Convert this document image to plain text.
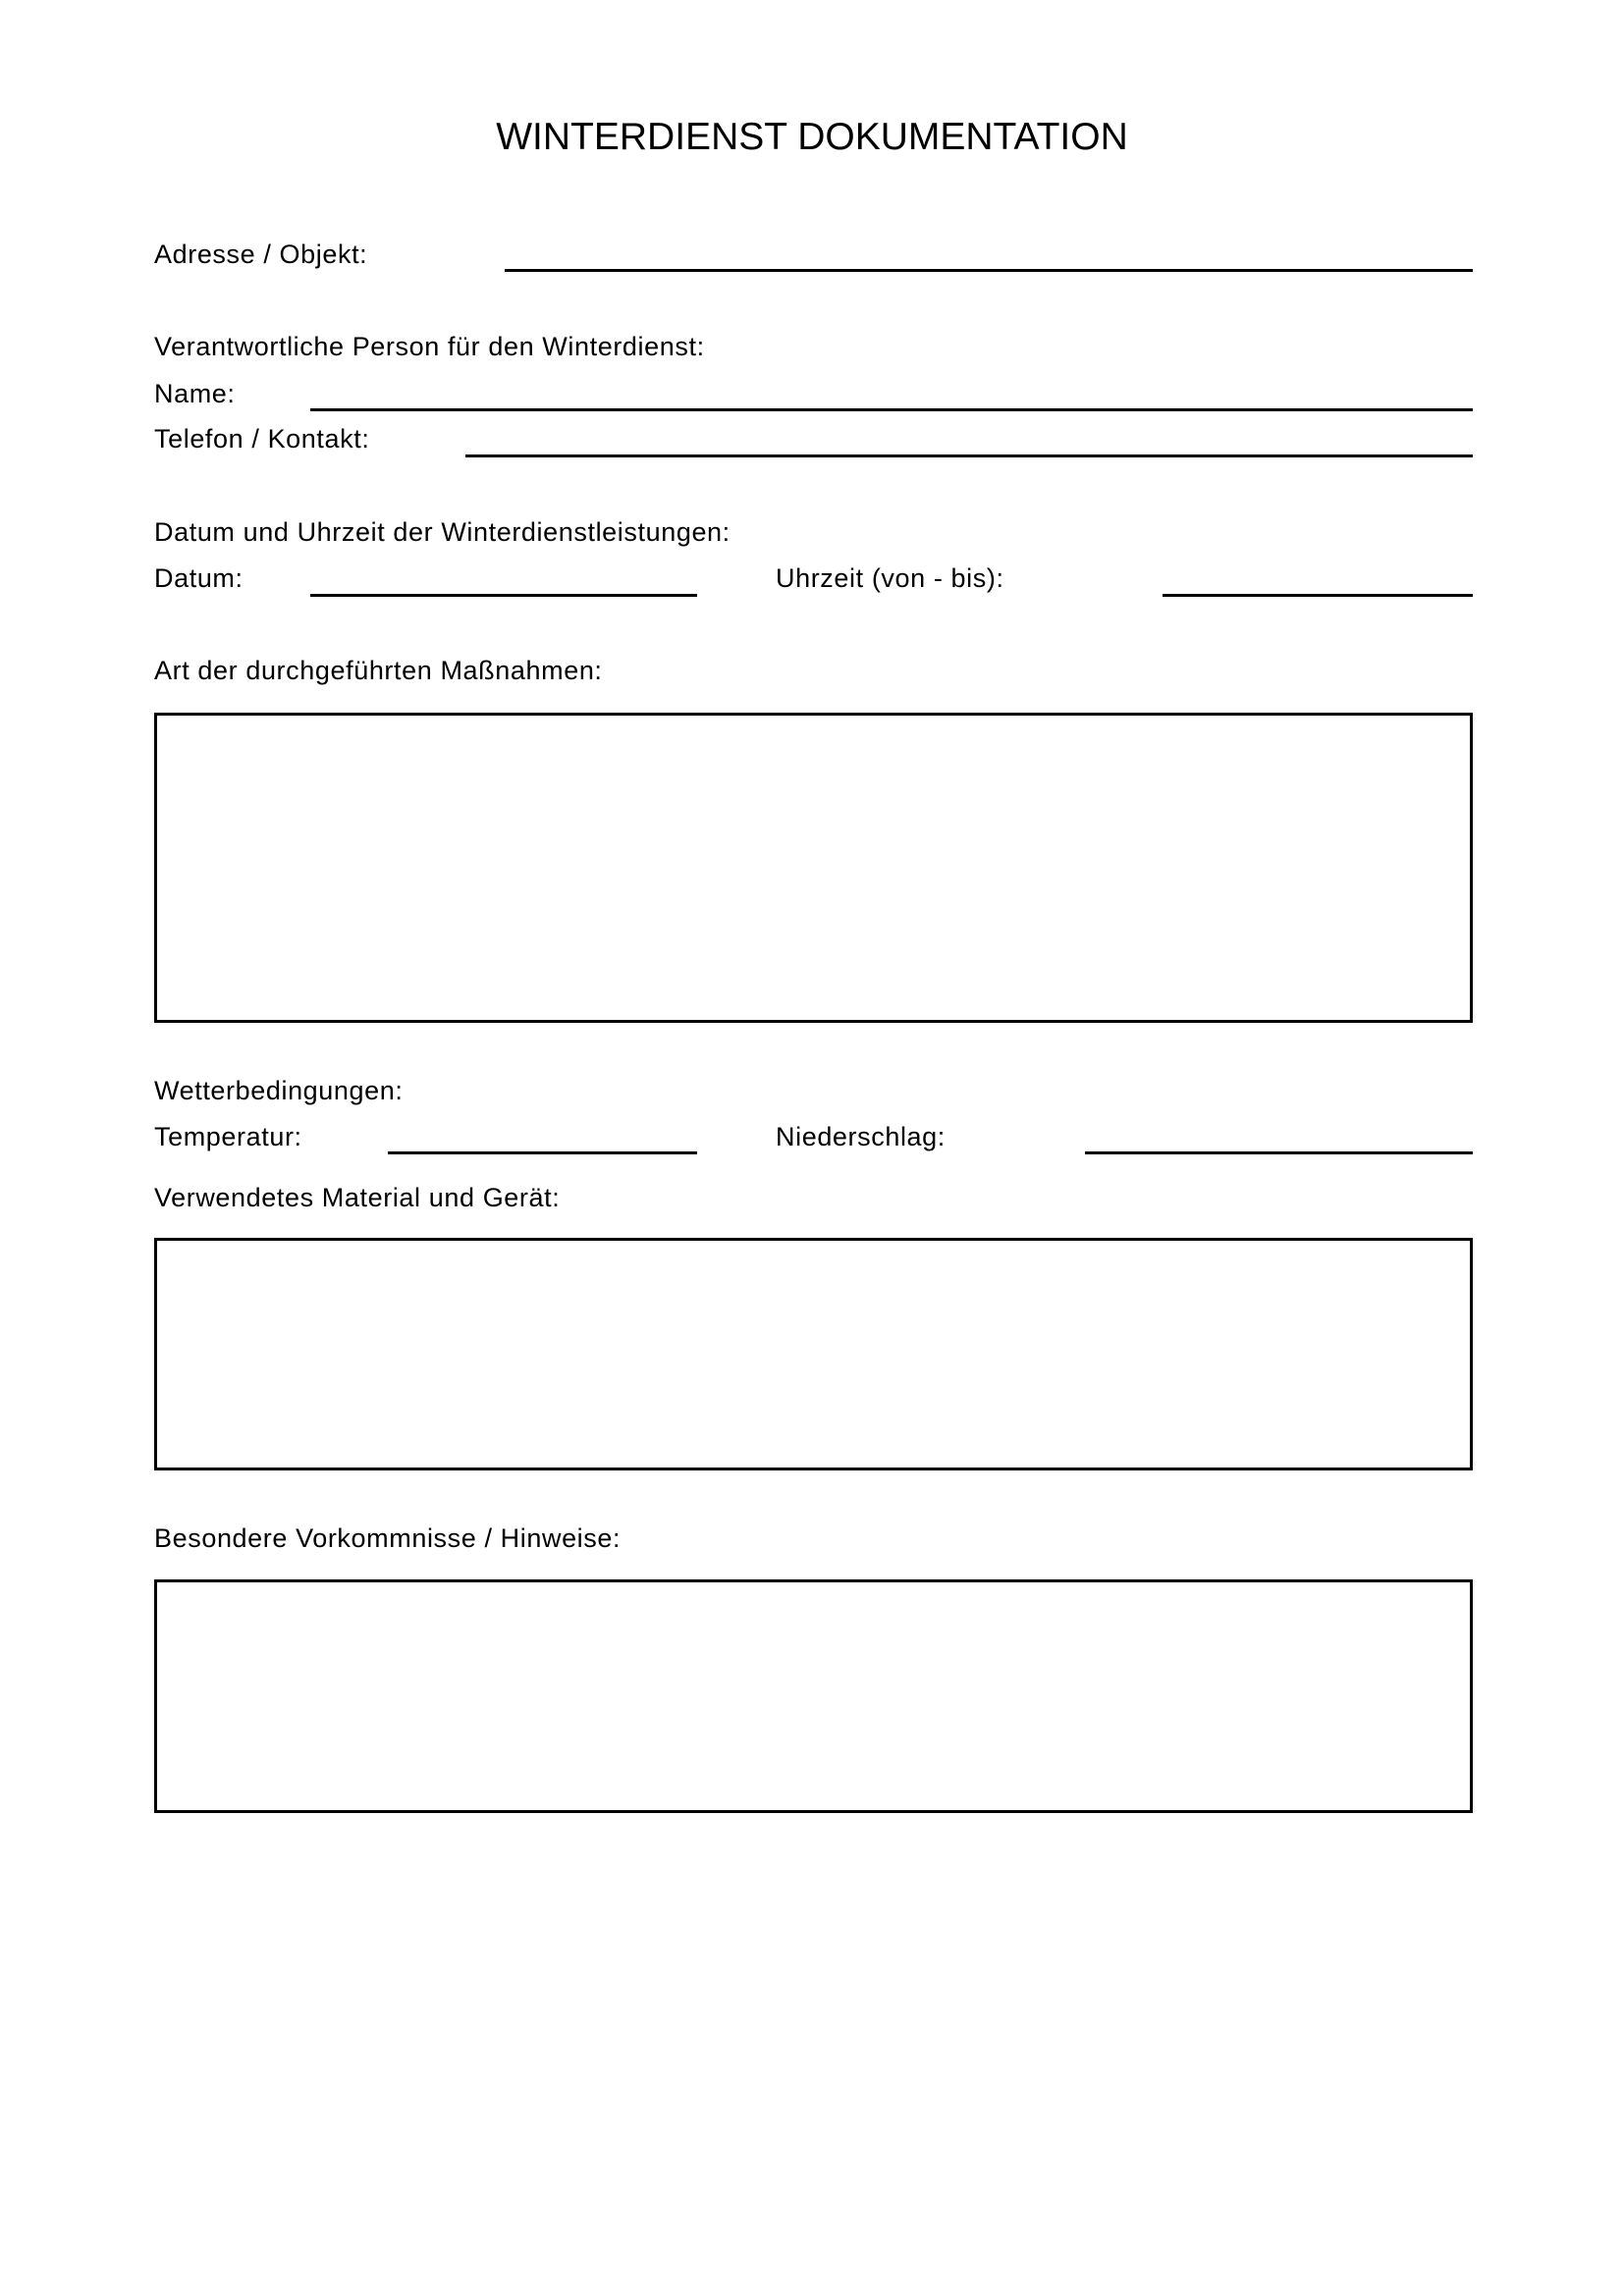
WINTERDIENST DOKUMENTATION
Adresse / Objekt:
Verantwortliche Person für den Winterdienst:
Name:
Telefon / Kontakt:
Datum und Uhrzeit der Winterdienstleistungen:
Datum:	Uhrzeit (von - bis):
Art der durchgeführten Maßnahmen:
Wetterbedingungen:
Temperatur:	Niederschlag:
Verwendetes Material und Gerät:
Besondere Vorkommnisse / Hinweise:
